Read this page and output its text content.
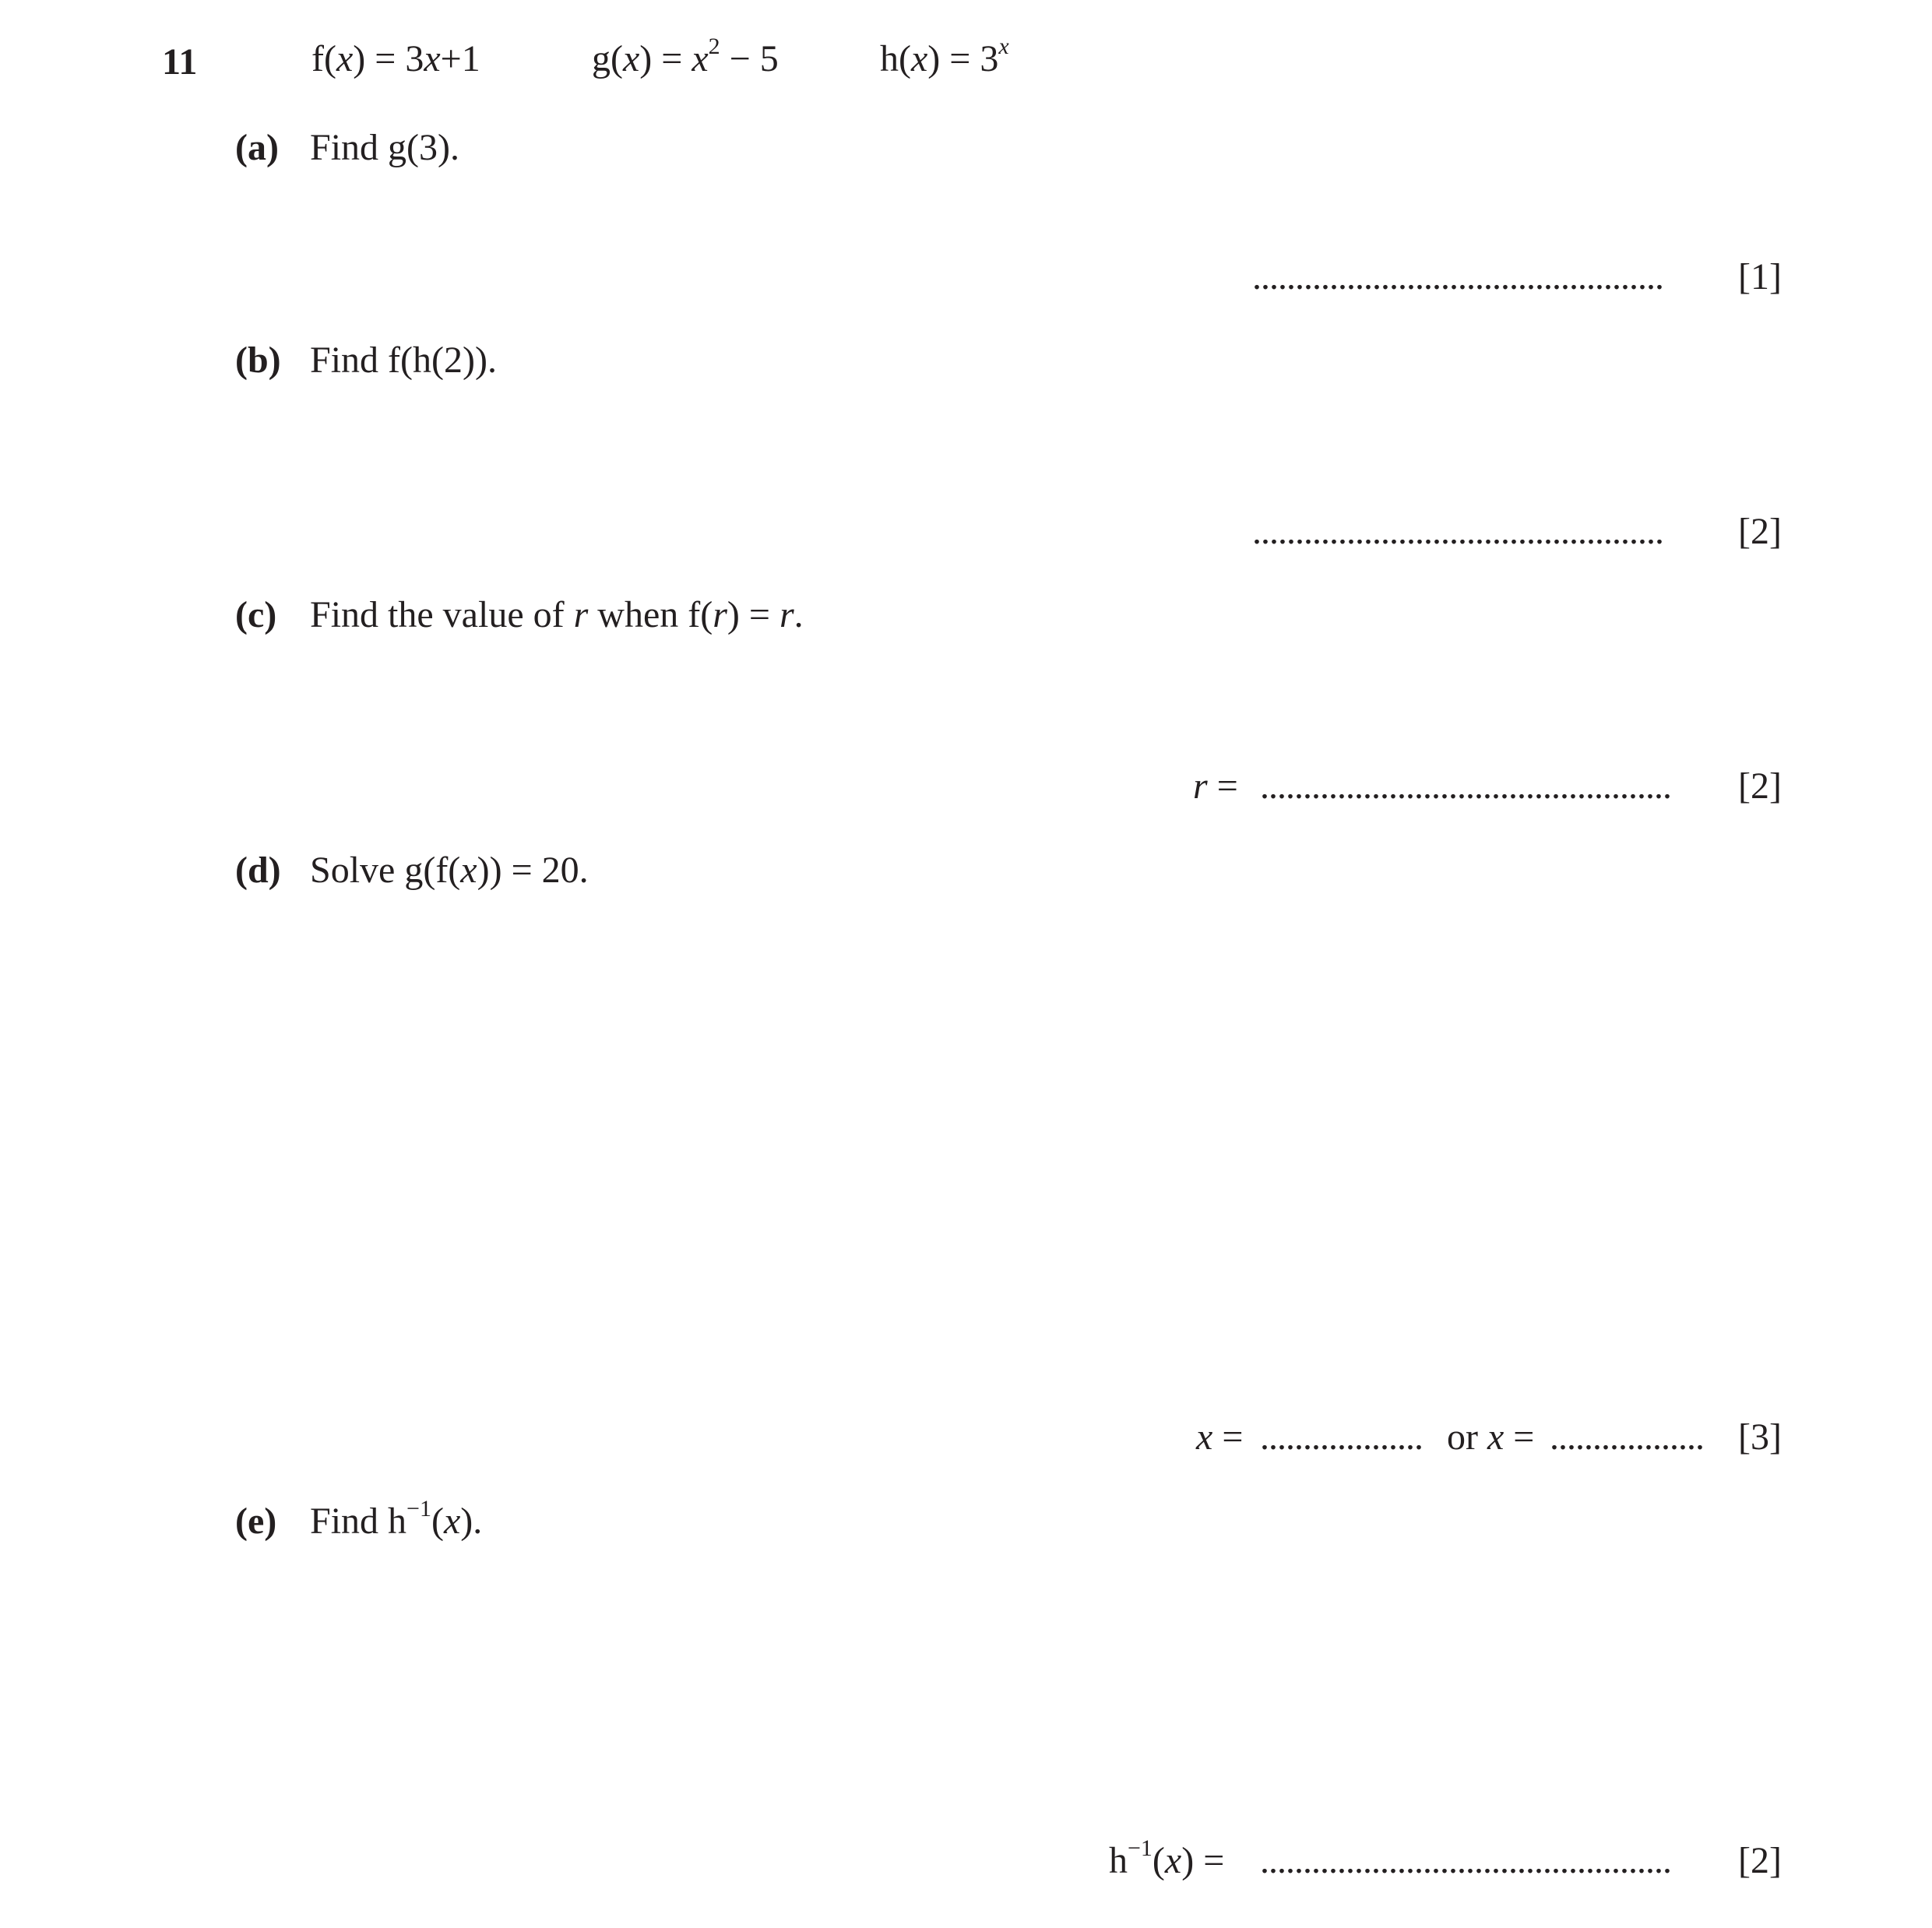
11	f(x) = 3x+1	$g(x) = x^2 - 5$	$h(x) = 3^x$
(a) Find g(3).
................................................ [1]
(b) Find f(h(2)).
................................................ [2]
(c) Find the value of r when f(r) = r.
r = ................................................ [2]
(d) Solve g(f(x)) = 20.
x = ................... or x = .................. [3]
(e) Find $h^{-1}(x)$.
$h^{-1}(x)$ = ................................................ [2]
